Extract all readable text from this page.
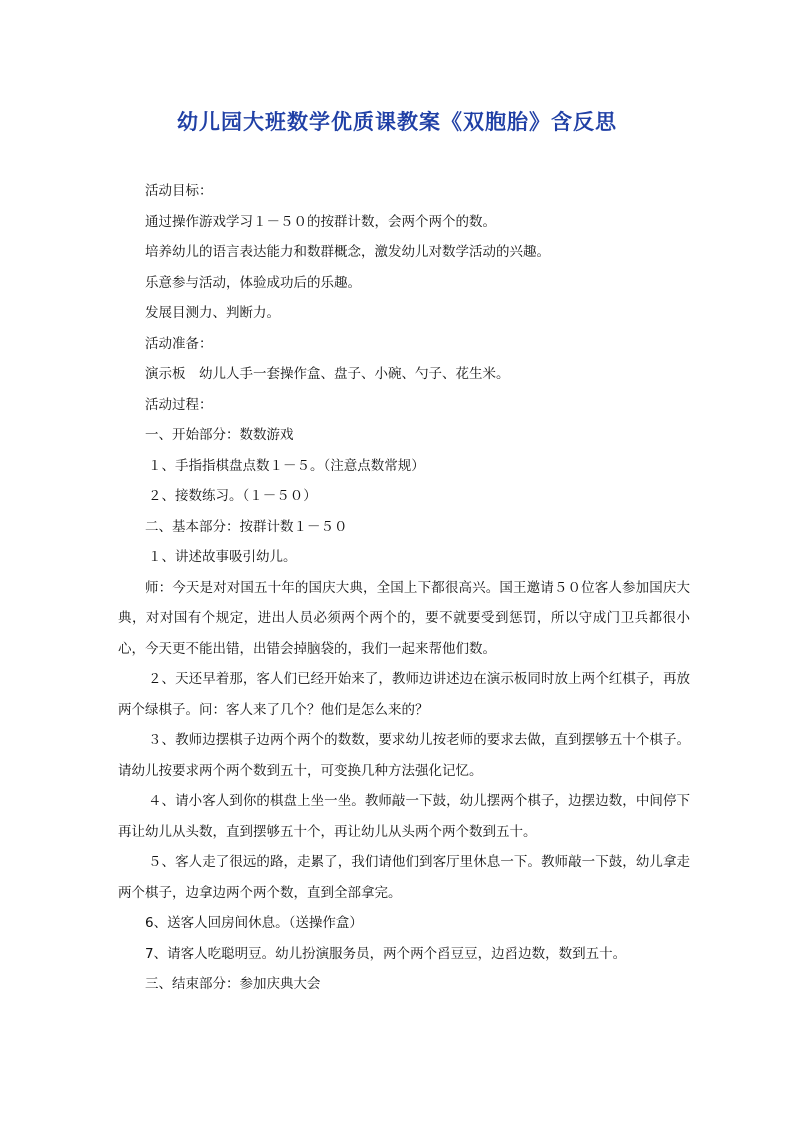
幼儿园大班数学优质课教案《双胞胎》含反思

活动目标：

通过操作游戏学习１－５０的按群计数，会两个两个的数。

培养幼儿的语言表达能力和数群概念，激发幼儿对数学活动的兴趣。

乐意参与活动，体验成功后的乐趣。

发展目测力、判断力。

活动准备：

演示板　幼儿人手一套操作盒、盘子、小碗、勺子、花生米。

活动过程：

一、开始部分：数数游戏

１、手指指棋盘点数１－５。（注意点数常规）

２、接数练习。（１－５０）

二、基本部分：按群计数１－５０

１、讲述故事吸引幼儿。

师：今天是对对国五十年的国庆大典，全国上下都很高兴。国王邀请５０位客人参加国庆大典，对对国有个规定，进出人员必须两个两个的，要不就要受到惩罚，所以守成门卫兵都很小心，今天更不能出错，出错会掉脑袋的，我们一起来帮他们数。

２、天还早着那，客人们已经开始来了，教师边讲述边在演示板同时放上两个红棋子，再放两个绿棋子。问：客人来了几个？他们是怎么来的？

３、教师边摆棋子边两个两个的数数，要求幼儿按老师的要求去做，直到摆够五十个棋子。请幼儿按要求两个两个数到五十，可变换几种方法强化记忆。

４、请小客人到你的棋盘上坐一坐。教师敲一下鼓，幼儿摆两个棋子，边摆边数，中间停下再让幼儿从头数，直到摆够五十个，再让幼儿从头两个两个数到五十。

５、客人走了很远的路，走累了，我们请他们到客厅里休息一下。教师敲一下鼓，幼儿拿走两个棋子，边拿边两个两个数，直到全部拿完。

6、送客人回房间休息。（送操作盒）

7、请客人吃聪明豆。幼儿扮演服务员，两个两个舀豆豆，边舀边数，数到五十。

三、结束部分：参加庆典大会
